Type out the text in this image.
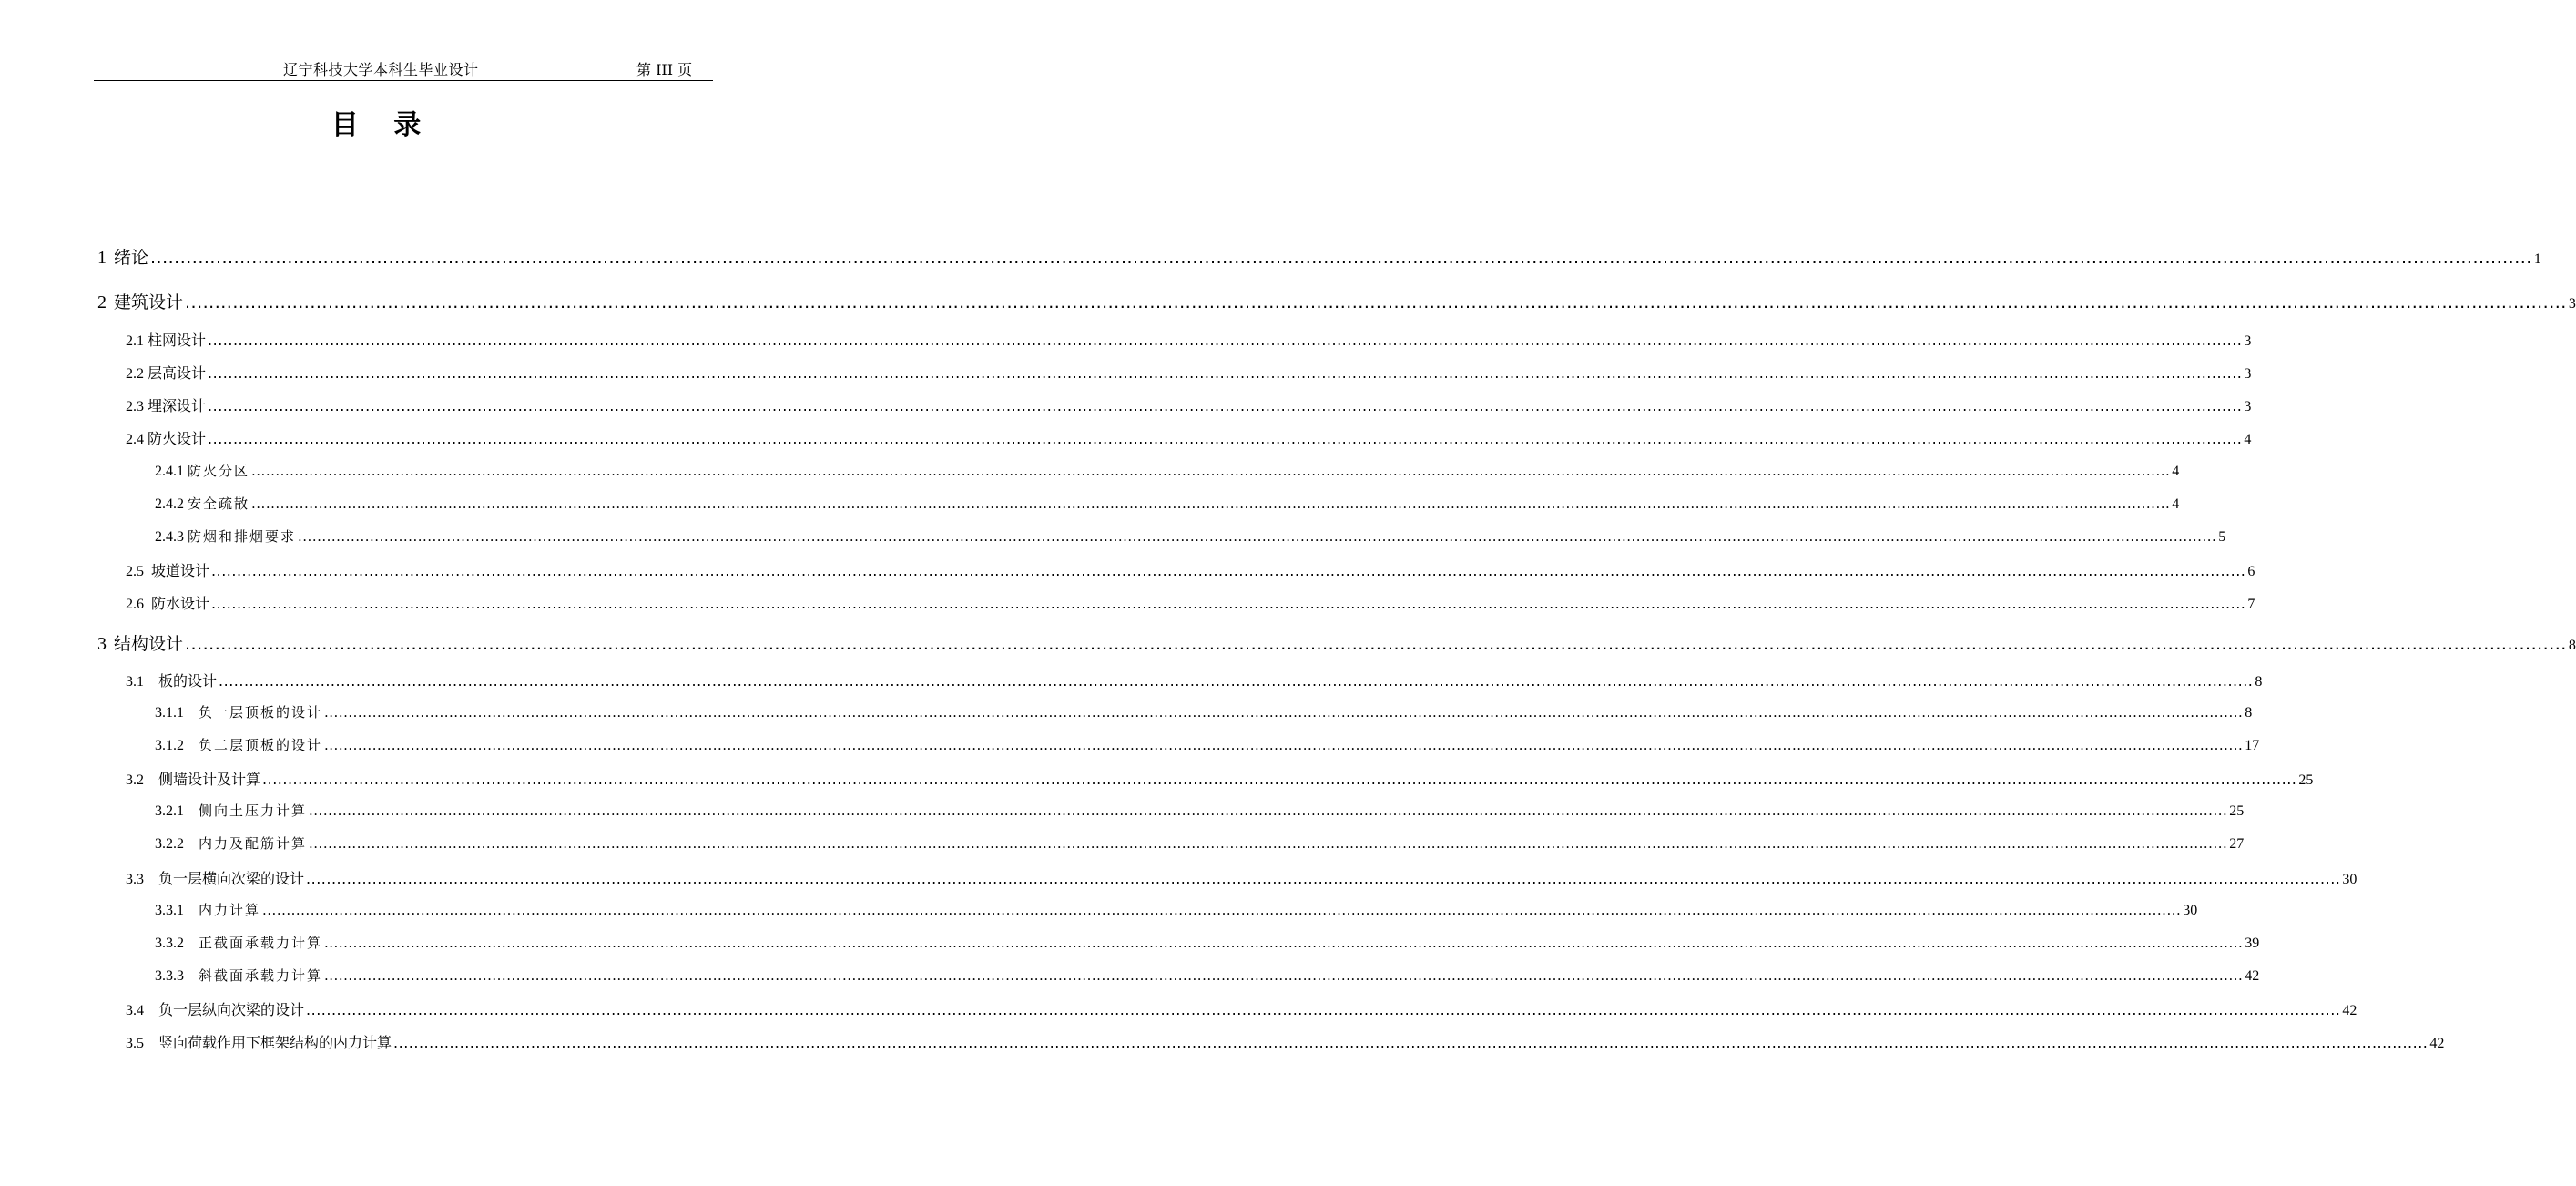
辽宁科技大学本科生毕业设计	第 III 页
目 录
1 绪论 ................................................................................................................................................................................................................................................................................................................................................................................................................ 1
2 建筑设计 ................................................................................................................................................................................................................................................................................................................................................................................................................ 3
2.1 柱网设计 ................................................................................................................................................................................................................................................................................................................................................................................................................ 3
2.2 层高设计 ................................................................................................................................................................................................................................................................................................................................................................................................................ 3
2.3 埋深设计 ................................................................................................................................................................................................................................................................................................................................................................................................................ 3
2.4 防火设计 ................................................................................................................................................................................................................................................................................................................................................................................................................ 4
2.4.1 防火分区 ................................................................................................................................................................................................................................................................................................................................................................................................................ 4
2.4.2 安全疏散 ................................................................................................................................................................................................................................................................................................................................................................................................................ 4
2.4.3 防烟和排烟要求 ................................................................................................................................................................................................................................................................................................................................................................................................................ 5
2.5 坡道设计 ................................................................................................................................................................................................................................................................................................................................................................................................................ 6
2.6 防水设计 ................................................................................................................................................................................................................................................................................................................................................................................................................ 7
3 结构设计 ................................................................................................................................................................................................................................................................................................................................................................................................................ 8
3.1 板的设计 ................................................................................................................................................................................................................................................................................................................................................................................................................ 8
3.1.1 负一层顶板的设计 ................................................................................................................................................................................................................................................................................................................................................................................................................ 8
3.1.2 负二层顶板的设计 ................................................................................................................................................................................................................................................................................................................................................................................................................ 17
3.2 侧墙设计及计算 ................................................................................................................................................................................................................................................................................................................................................................................................................ 25
3.2.1 侧向土压力计算 ................................................................................................................................................................................................................................................................................................................................................................................................................ 25
3.2.2 内力及配筋计算 ................................................................................................................................................................................................................................................................................................................................................................................................................ 27
3.3 负一层横向次梁的设计 ................................................................................................................................................................................................................................................................................................................................................................................................................ 30
3.3.1 内力计算 ................................................................................................................................................................................................................................................................................................................................................................................................................ 30
3.3.2 正截面承载力计算 ................................................................................................................................................................................................................................................................................................................................................................................................................ 39
3.3.3 斜截面承载力计算 ................................................................................................................................................................................................................................................................................................................................................................................................................ 42
3.4 负一层纵向次梁的设计 ................................................................................................................................................................................................................................................................................................................................................................................................................ 42
3.5 竖向荷载作用下框架结构的内力计算 ................................................................................................................................................................................................................................................................................................................................................................................................................ 42
